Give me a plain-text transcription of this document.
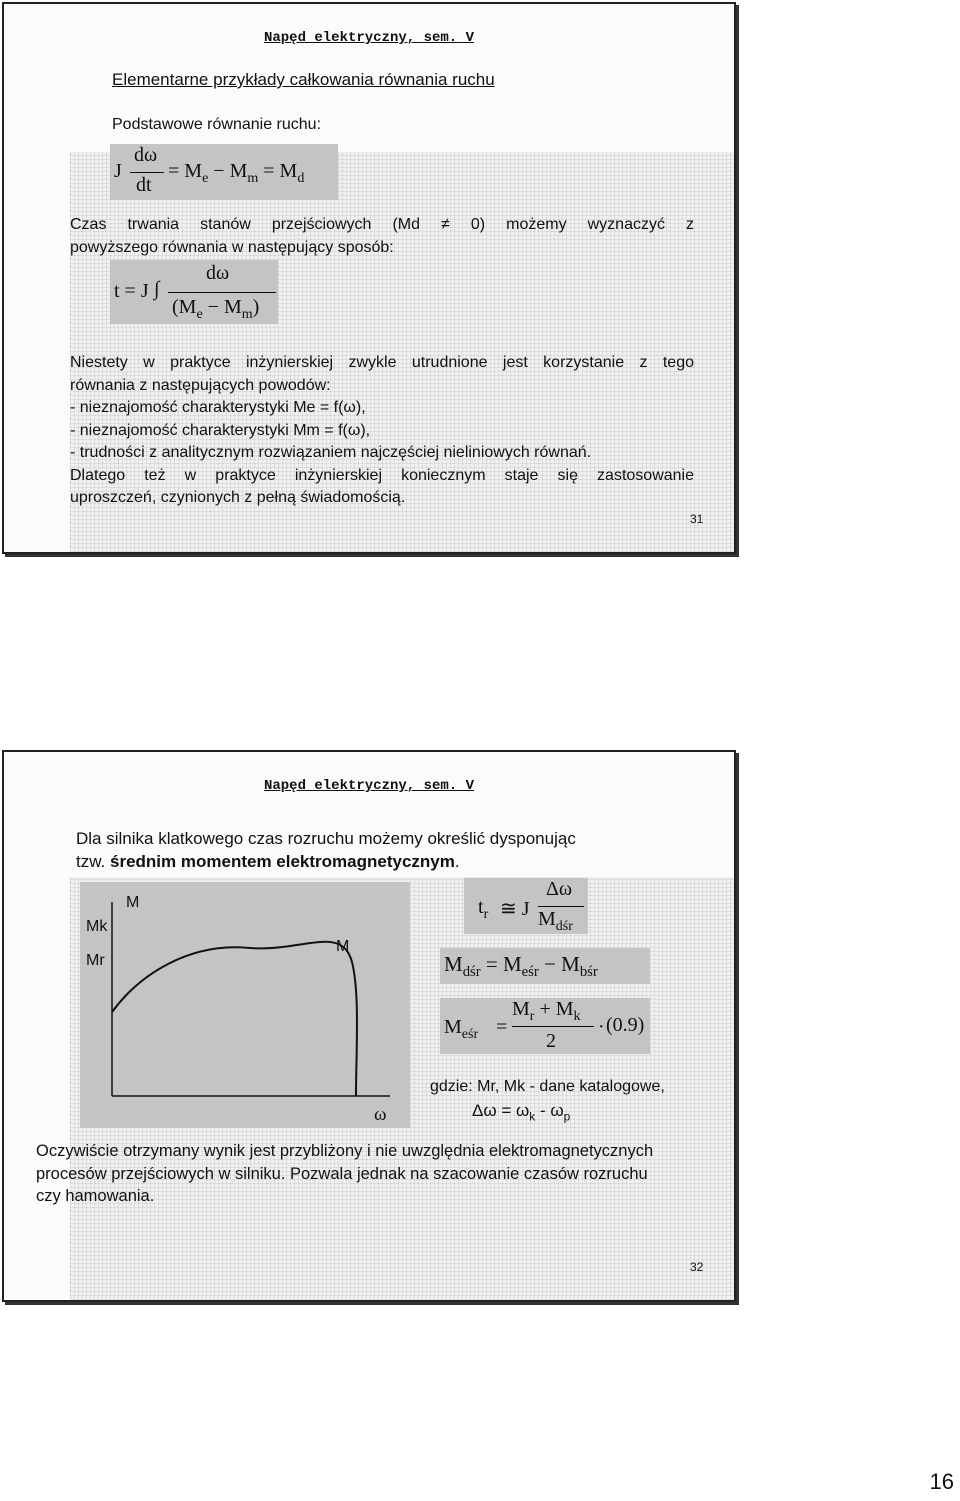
Napęd elektryczny, sem. V
Elementarne przykłady całkowania równania ruchu
Podstawowe równanie ruchu:
J
dω
dt
= $M_e - M_m = M_d$
Czas trwania stanów przejściowych (Md ≠ 0) możemy wyznaczyć z
powyższego równania w następujący sposób:
t = J ∫
dω
$(M_e - M_m)$
Niestety w praktyce inżynierskiej zwykle utrudnione jest korzystanie z tego
równania z następujących powodów:
- nieznajomość charakterystyki Me = f(ω),
- nieznajomość charakterystyki Mm = f(ω),
- trudności z analitycznym rozwiązaniem najczęściej nieliniowych równań.
Dlatego też w praktyce inżynierskiej koniecznym staje się zastosowanie
uproszczeń, czynionych z pełną świadomością.
31
Napęd elektryczny, sem. V
Dla silnika klatkowego czas rozruchu możemy określić dysponując
tzw. średnim momentem elektromagnetycznym.
M
Mk
Mr
M
ω
$t_r$ ≅ J
Δω
$M_{dśr}$
$M_{dśr} = M_{eśr} - M_{bśr}$
$M_{eśr}$ =
$M_r + M_k$
2
· (0.9)
gdzie: Mr, Mk - dane katalogowe,
$\Delta\omega = \omega_k - \omega_p$
Oczywiście otrzymany wynik jest przybliżony i nie uwzględnia elektromagnetycznych
procesów przejściowych w silniku. Pozwala jednak na szacowanie czasów rozruchu
czy hamowania.
32
16
